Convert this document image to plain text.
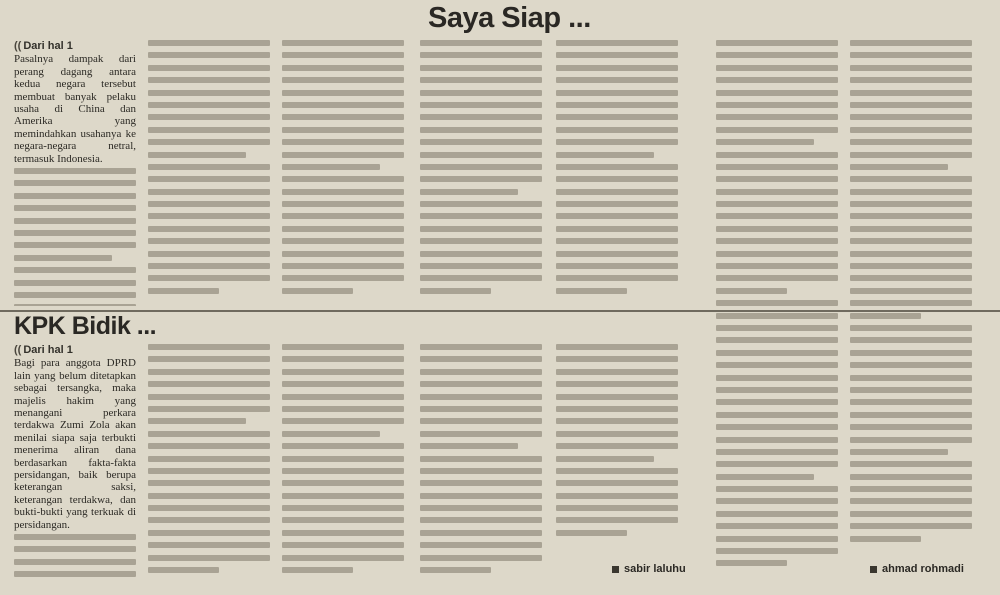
Saya Siap ...
KPK Bidik ...
(( Dari hal 1

Pasalnya dampak dari perang dagang antara kedua negara tersebut membuat banyak pelaku usaha di China dan Amerika yang memindahkan usahanya ke negara-negara netral, termasuk Indonesia.

(( Dari hal 1

Bagi para anggota DPRD lain yang belum ditetapkan sebagai tersangka, maka majelis hakim yang menangani perkara terdakwa Zumi Zola akan menilai siapa saja terbukti menerima aliran dana berdasarkan fakta-fakta persidangan, baik berupa keterangan saksi, keterangan terdakwa, dan bukti-bukti yang terkuak di persidangan.

sabir laluhu	ahmad rohmadi
